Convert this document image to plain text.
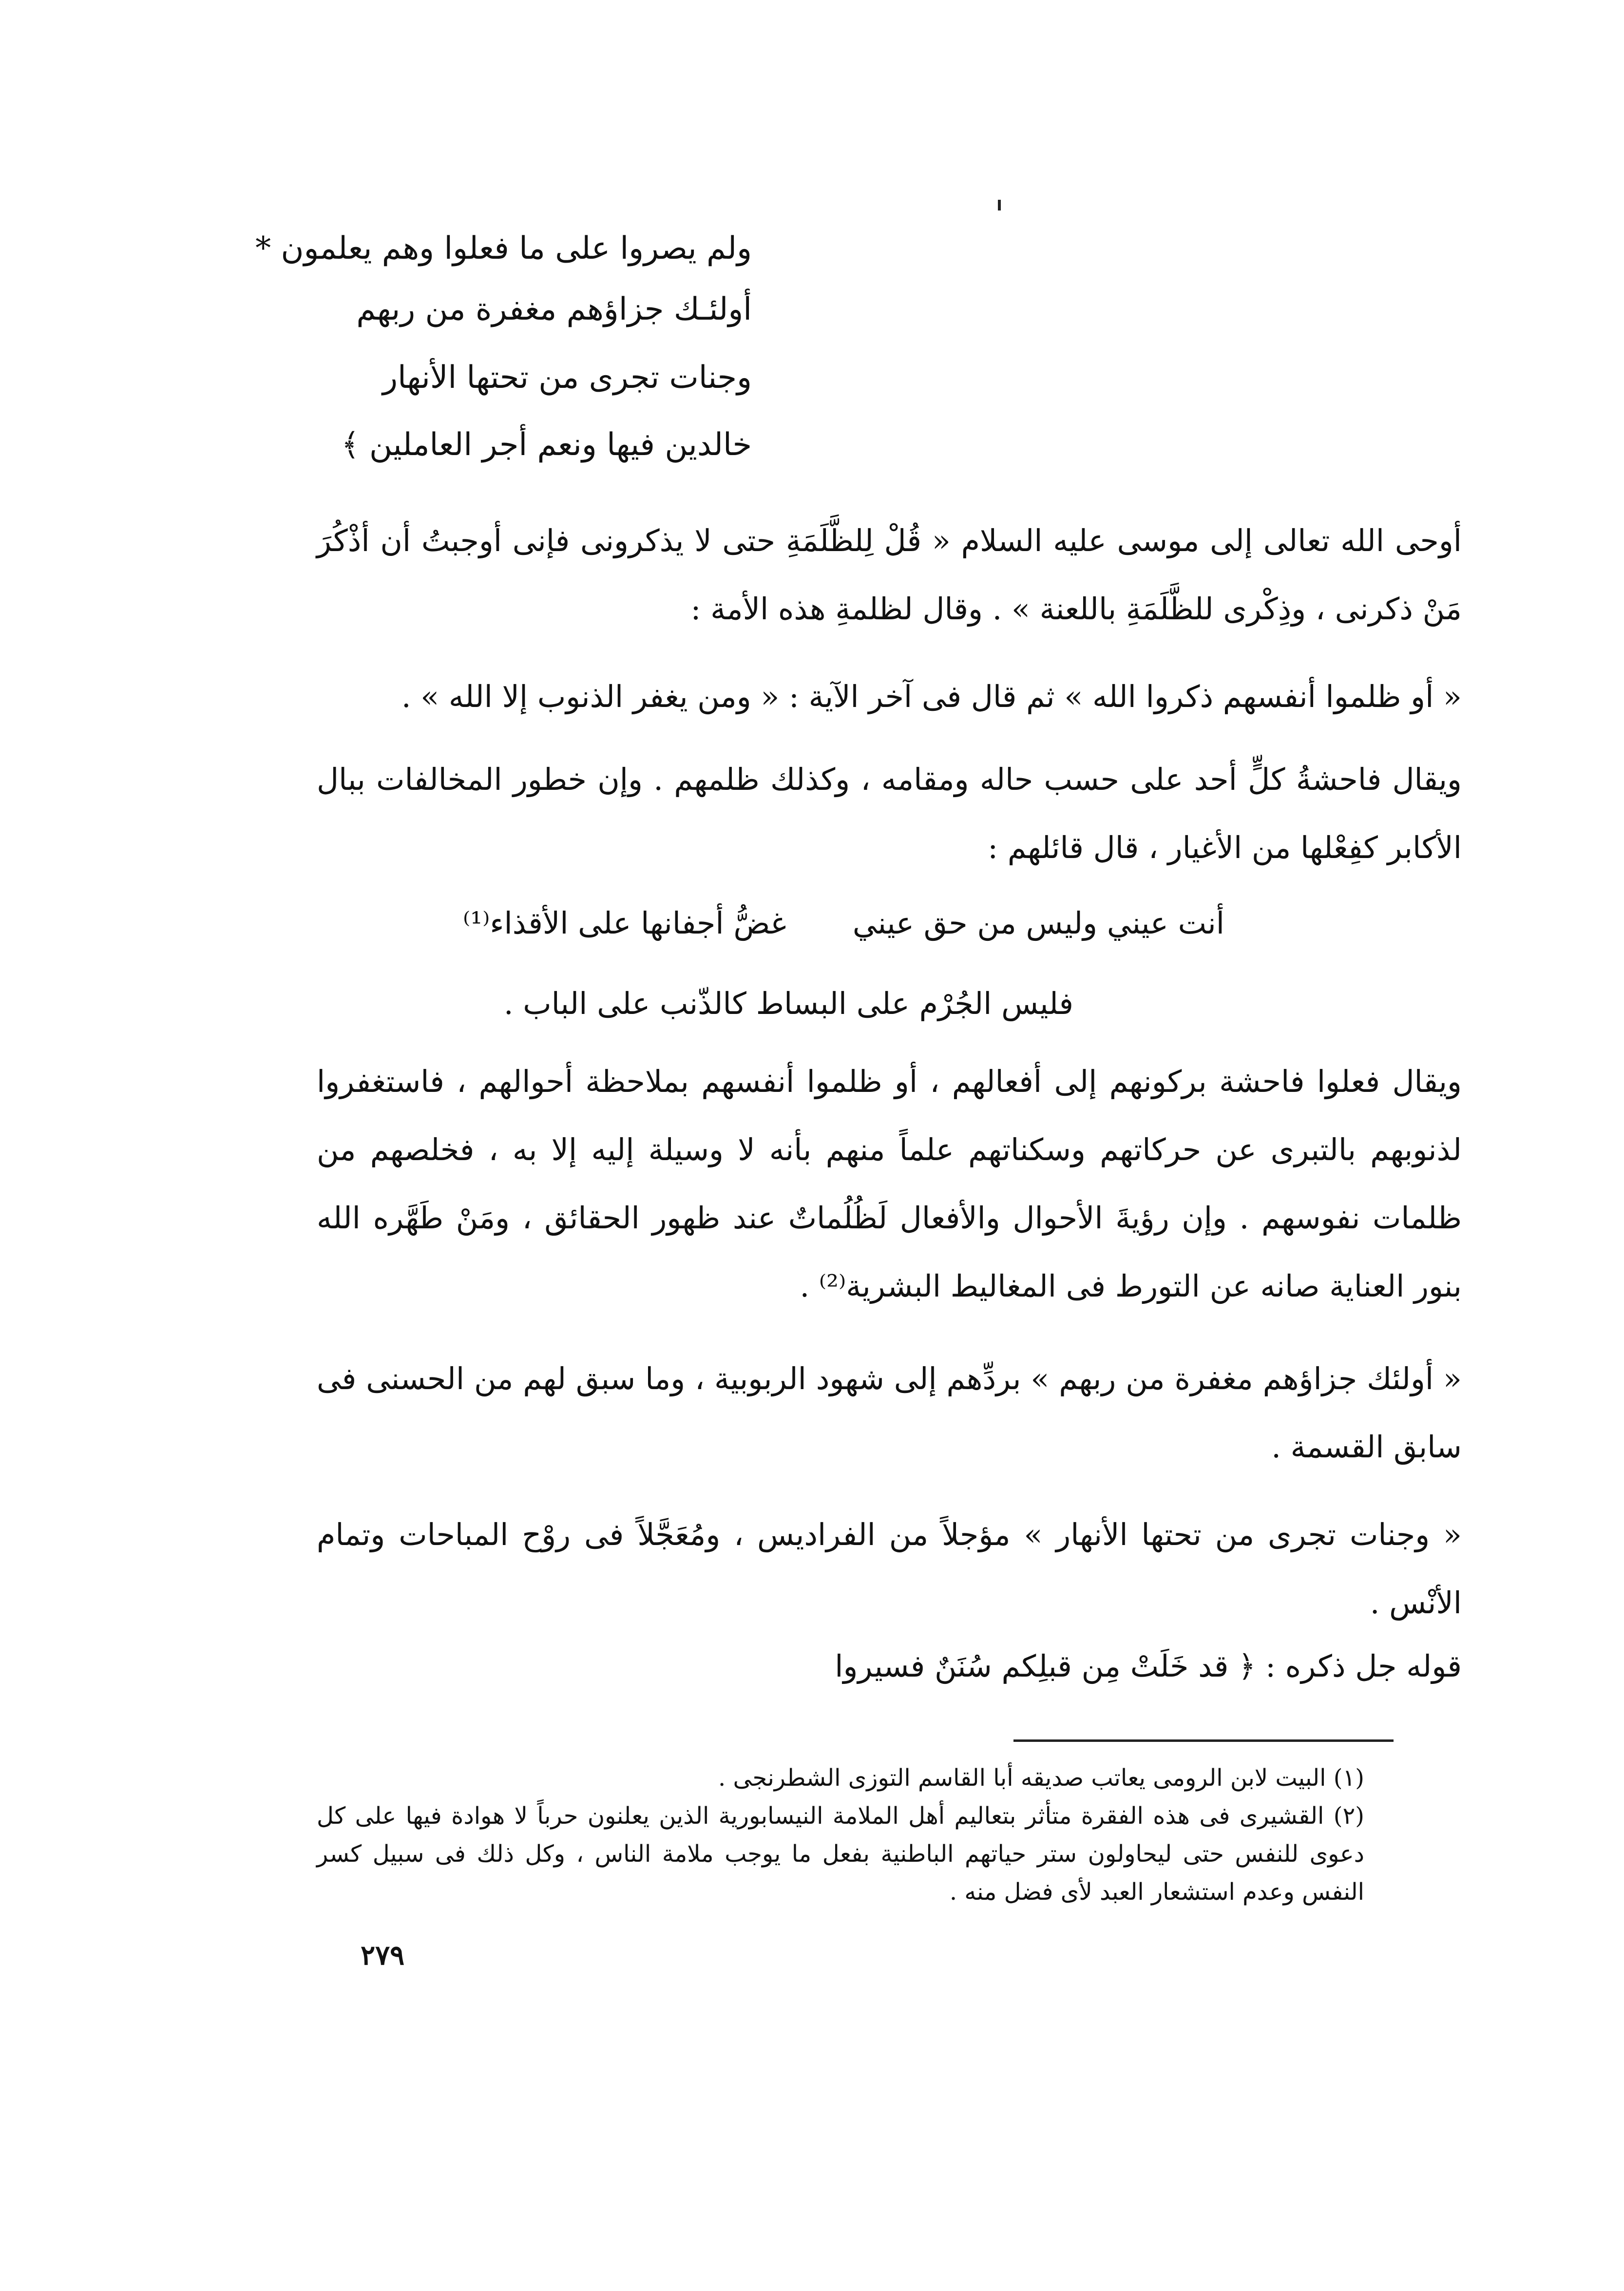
ولم يصروا على ما فعلوا وهم يعلمون *
أولئـك جزاؤهم مغفرة من ربهم
وجنات تجرى من تحتها الأنهار
خالدين فيها ونعم أجر العاملين ﴾
أوحى الله تعالى إلى موسى عليه السلام « قُلْ لِلظَّلَمَةِ حتى لا يذكرونى فإنى أوجبتُ أن أذْكُرَ مَنْ ذكرنى ، وذِكْرى للظَّلَمَةِ باللعنة » . وقال لظلمةِ هذه الأمة :
« أو ظلموا أنفسهم ذكروا الله » ثم قال فى آخر الآية : « ومن يغفر الذنوب إلا الله » .
ويقال فاحشةُ كلٍّ أحد على حسب حاله ومقامه ، وكذلك ظلمهم . وإن خطور المخالفات ببال الأكابر كفِعْلها من الأغيار ، قال قائلهم :
أنت عيني وليس من حق عيني
غضُّ أجفانها على الأقذاء⁽¹⁾
فليس الجُرْم على البساط كالذّنب على الباب .
ويقال فعلوا فاحشة بركونهم إلى أفعالهم ، أو ظلموا أنفسهم بملاحظة أحوالهم ، فاستغفروا لذنوبهم بالتبرى عن حركاتهم وسكناتهم علماً منهم بأنه لا وسيلة إليه إلا به ، فخلصهم من ظلمات نفوسهم . وإن رؤيةَ الأحوال والأفعال لَظُلُماتٌ عند ظهور الحقائق ، ومَنْ طَهَّره الله بنور العناية صانه عن التورط فى المغاليط البشرية⁽²⁾ .
« أولئك جزاؤهم مغفرة من ربهم » بردِّهم إلى شهود الربوبية ، وما سبق لهم من الحسنى فى سابق القسمة .
« وجنات تجرى من تحتها الأنهار » مؤجلاً من الفراديس ، ومُعَجَّلاً فى روْح المباحات وتمام الأنْس .
قوله جل ذكره : ﴿ قد خَلَتْ مِن قبلِكم سُنَنٌ فسيروا

(١) البيت لابن الرومى يعاتب صديقه أبا القاسم التوزى الشطرنجى .

(٢) القشيرى فى هذه الفقرة متأثر بتعاليم أهل الملامة النيسابورية الذين يعلنون حرباً لا هوادة فيها على كل دعوى للنفس حتى ليحاولون ستر حياتهم الباطنية بفعل ما يوجب ملامة الناس ، وكل ذلك فى سبيل كسر النفس وعدم استشعار العبد لأى فضل منه .

٢٧٩
